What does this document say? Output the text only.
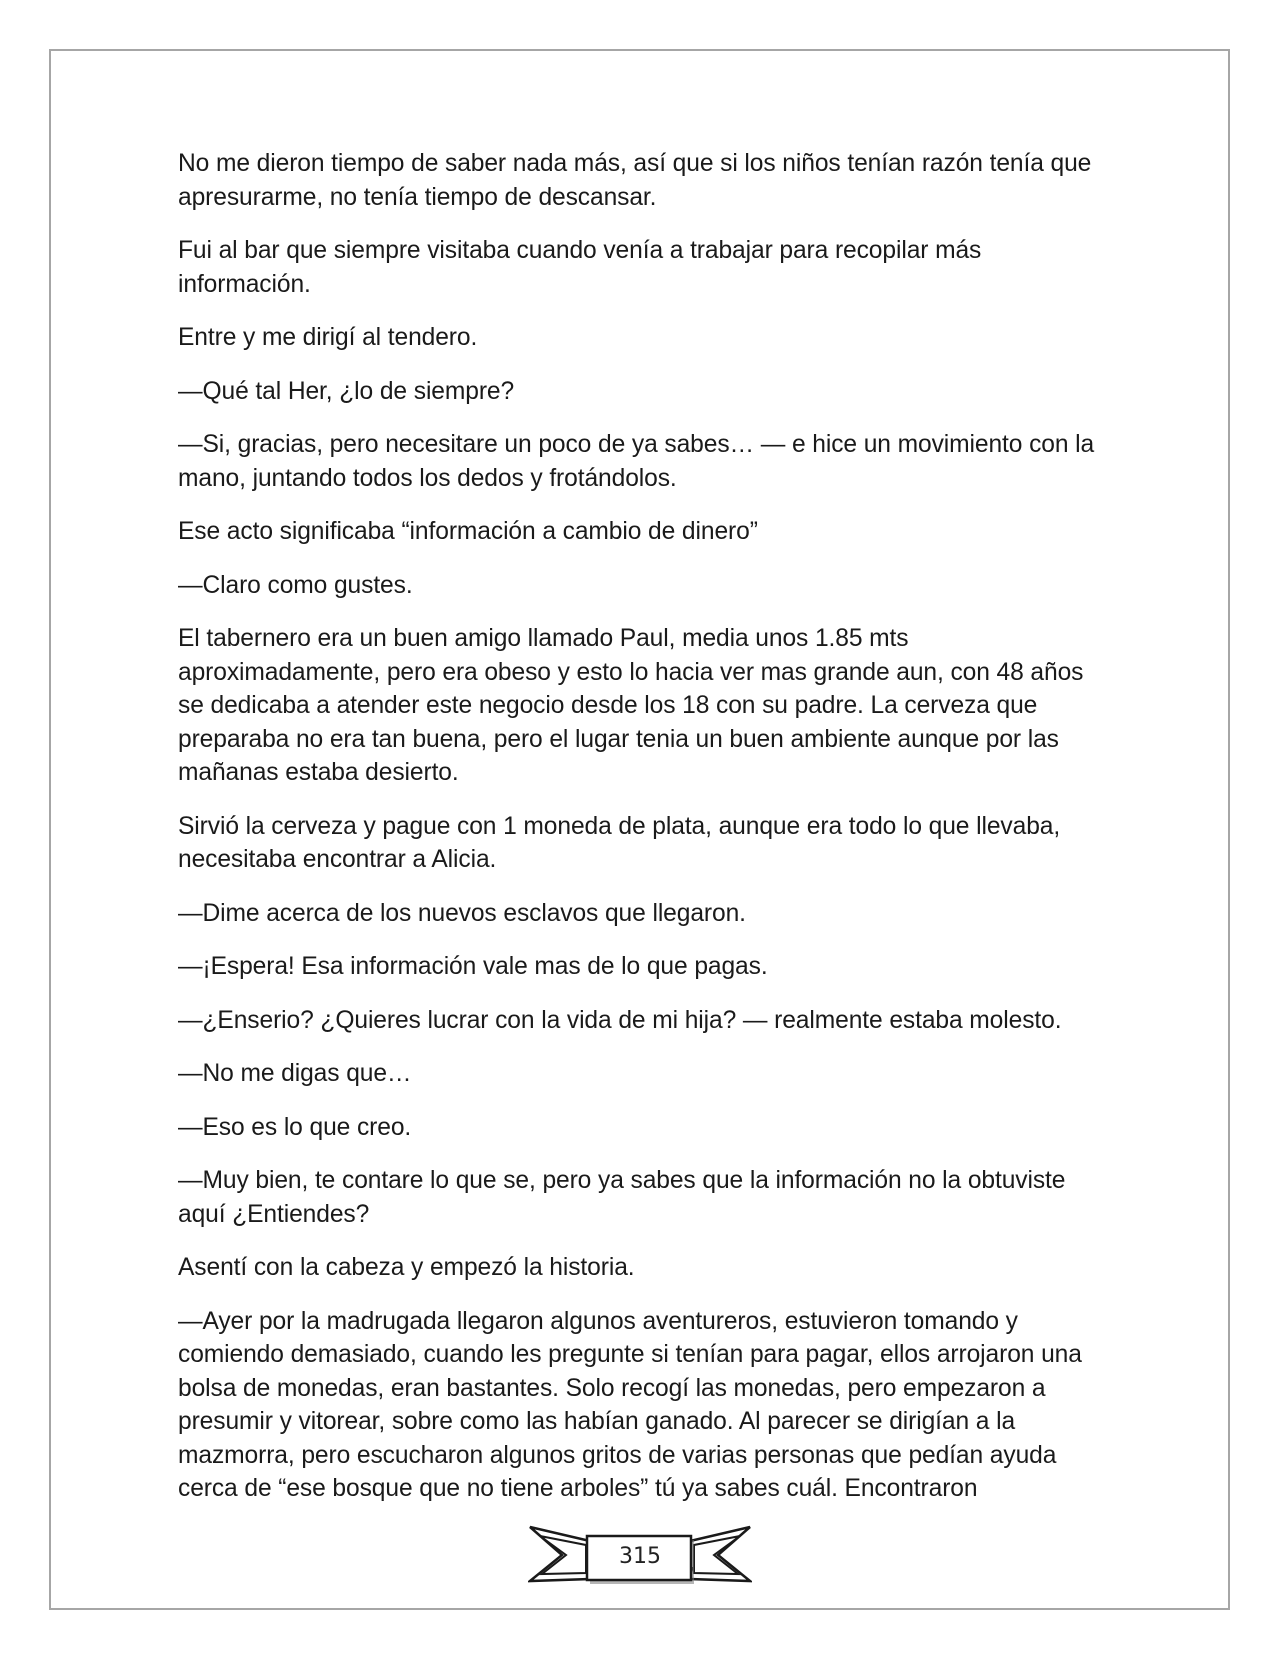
No me dieron tiempo de saber nada más, así que si los niños tenían razón tenía que apresurarme, no tenía tiempo de descansar.

Fui al bar que siempre visitaba cuando venía a trabajar para recopilar más información.

Entre y me dirigí al tendero.

—Qué tal Her, ¿lo de siempre?

—Si, gracias, pero necesitare un poco de ya sabes… — e hice un movimiento con la mano, juntando todos los dedos y frotándolos.

Ese acto significaba “información a cambio de dinero”

—Claro como gustes.

El tabernero era un buen amigo llamado Paul, media unos 1.85 mts aproximadamente, pero era obeso y esto lo hacia ver mas grande aun, con 48 años se dedicaba a atender este negocio desde los 18 con su padre. La cerveza que preparaba no era tan buena, pero el lugar tenia un buen ambiente aunque por las mañanas estaba desierto.

Sirvió la cerveza y pague con 1 moneda de plata, aunque era todo lo que llevaba, necesitaba encontrar a Alicia.

—Dime acerca de los nuevos esclavos que llegaron.

—¡Espera! Esa información vale mas de lo que pagas.

—¿Enserio? ¿Quieres lucrar con la vida de mi hija? — realmente estaba molesto.

—No me digas que…

—Eso es lo que creo.

—Muy bien, te contare lo que se, pero ya sabes que la información no la obtuviste aquí ¿Entiendes?

Asentí con la cabeza y empezó la historia.

—Ayer por la madrugada llegaron algunos aventureros, estuvieron tomando y comiendo demasiado, cuando les pregunte si tenían para pagar, ellos arrojaron una bolsa de monedas, eran bastantes. Solo recogí las monedas, pero empezaron a presumir y vitorear, sobre como las habían ganado. Al parecer se dirigían a la mazmorra, pero escucharon algunos gritos de varias personas que pedían ayuda cerca de “ese bosque que no tiene arboles” tú ya sabes cuál. Encontraron

315
